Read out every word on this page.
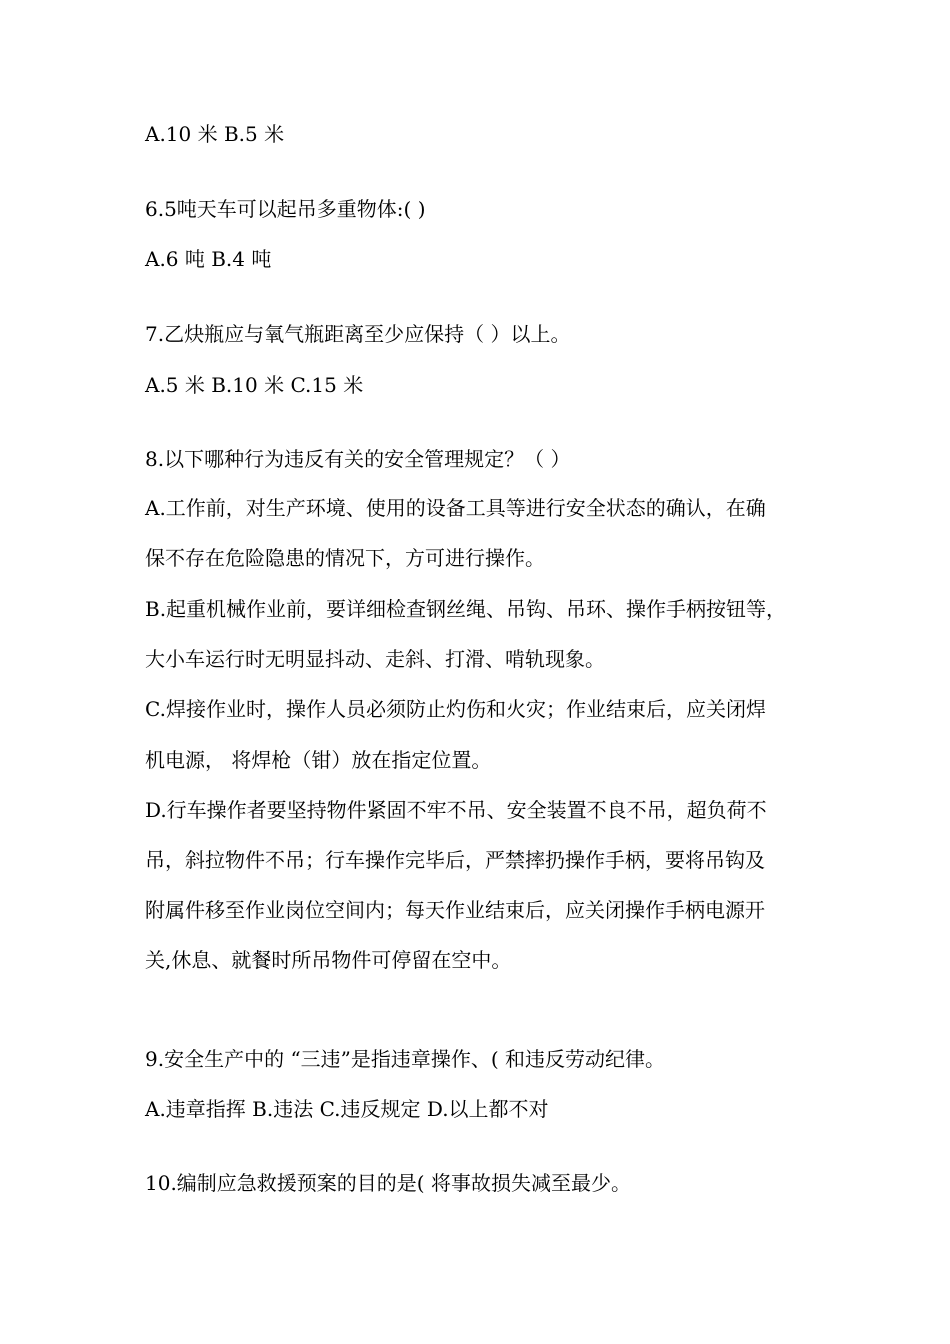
A.10 米 B.5 米
6.5吨天车可以起吊多重物体:( )
A.6 吨 B.4 吨
7.乙炔瓶应与氧气瓶距离至少应保持（ ）以上。
A.5 米 B.10 米 C.15 米
8.以下哪种行为违反有关的安全管理规定？（ ）
A.工作前，对生产环境、使用的设备工具等进行安全状态的确认，在确
保不存在危险隐患的情况下，方可进行操作。
B.起重机械作业前，要详细检查钢丝绳、吊钩、吊环、操作手柄按钮等，
大小车运行时无明显抖动、走斜、打滑、啃轨现象。
C.焊接作业时，操作人员必须防止灼伤和火灾；作业结束后，应关闭焊
机电源， 将焊枪（钳）放在指定位置。
D.行车操作者要坚持物件紧固不牢不吊、安全装置不良不吊，超负荷不
吊，斜拉物件不吊；行车操作完毕后，严禁摔扔操作手柄，要将吊钩及
附属件移至作业岗位空间内；每天作业结束后，应关闭操作手柄电源开
关,休息、就餐时所吊物件可停留在空中。
9.安全生产中的 “三违”是指违章操作、( 和违反劳动纪律。
A.违章指挥 B.违法 C.违反规定 D.以上都不对
10.编制应急救援预案的目的是( 将事故损失减至最少。
